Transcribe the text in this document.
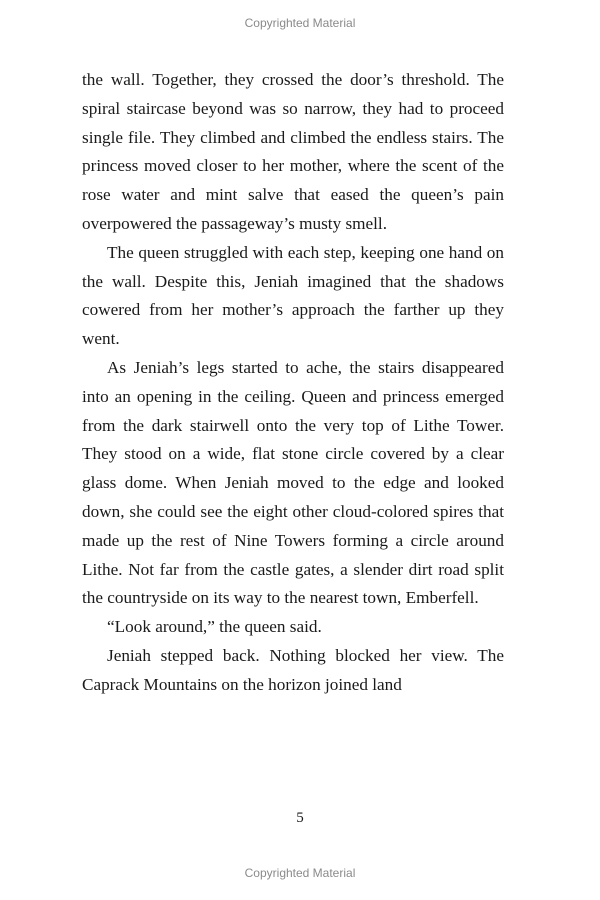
Copyrighted Material

the wall. Together, they crossed the door’s threshold. The spiral staircase beyond was so narrow, they had to proceed single file. They climbed and climbed the endless stairs. The princess moved closer to her mother, where the scent of the rose water and mint salve that eased the queen’s pain overpowered the passageway’s musty smell.

The queen struggled with each step, keeping one hand on the wall. Despite this, Jeniah imagined that the shadows cowered from her mother’s approach the farther up they went.

As Jeniah’s legs started to ache, the stairs disappeared into an opening in the ceiling. Queen and princess emerged from the dark stairwell onto the very top of Lithe Tower. They stood on a wide, flat stone circle covered by a clear glass dome. When Jeniah moved to the edge and looked down, she could see the eight other cloud-colored spires that made up the rest of Nine Towers forming a circle around Lithe. Not far from the castle gates, a slender dirt road split the countryside on its way to the nearest town, Emberfell.

“Look around,” the queen said.

Jeniah stepped back. Nothing blocked her view. The Caprack Mountains on the horizon joined land

5
Copyrighted Material
